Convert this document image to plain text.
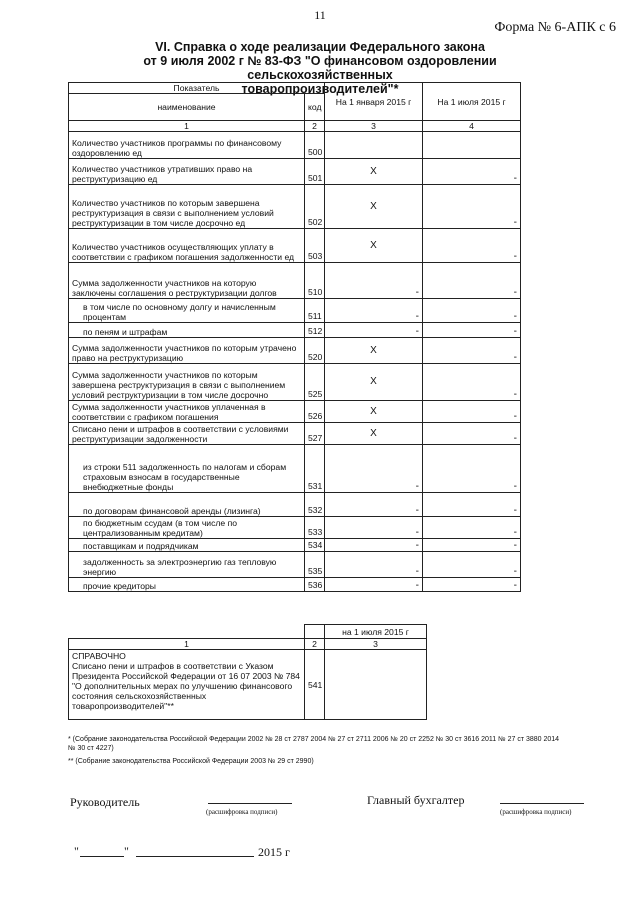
11
Форма № 6-АПК с 6
VI. Справка о ходе реализации Федерального закона
от 9 июля 2002 г № 83-ФЗ "О финансовом оздоровлении сельскохозяйственных
товаропроизводителей"*
Показатель		На 1 января 2015 г	На 1 июля 2015 г
наименование	код		
1	2	3	4
Количество участников программы по финансовому оздоровлению ед	500		
Количество участников утративших право на реструктуризацию ед	501	X	-
Количество участников по которым завершена реструктуризация в связи с выполнением условий реструктуризации в том числе досрочно ед	502	X	-
Количество участников осуществляющих уплату в соответствии с графиком погашения задолженности ед	503	X	-
Сумма задолженности участников на которую заключены соглашения о реструктуризации долгов	510	-	-
в том числе по основному долгу и начисленным процентам	511	-	-
по пеням и штрафам	512	-	-
Сумма задолженности участников по которым утрачено право на реструктуризацию	520	X	-
Сумма задолженности участников по которым завершена реструктуризация в связи с выполнением условий реструктуризации в том числе досрочно	525	X	-
Сумма задолженности участников уплаченная в соответствии с графиком погашения	526	X	-
Списано пени и штрафов в соответствии с условиями реструктуризации задолженности	527	X	-
из строки 511 задолженность по налогам и сборам страховым взносам в государственные внебюджетные фонды	531	-	-
по договорам финансовой аренды (лизинга)	532	-	-
по бюджетным ссудам (в том числе по централизованным кредитам)	533	-	-
поставщикам и подрядчикам	534	-	-
задолженность за электроэнергию газ тепловую энергию	535	-	-
прочие кредиторы	536	-	-
		на 1 июля 2015 г
1	2	3

СПРАВОЧНО
Списано пени и штрафов в соответствии с Указом Президента Российской Федерации от 16 07 2003 № 784 "О дополнительных мерах по улучшению финансового состояния сельскохозяйственных товаропроизводителей"**	541	
* (Собрание законодательства Российской Федерации 2002 № 28 ст 2787 2004 № 27 ст 2711 2006 № 20 ст 2252 № 30 ст 3616 2011 № 27 ст 3880 2014 № 30 ст 4227)
** (Собрание законодательства Российской Федерации 2003 № 29 ст 2990)
Руководитель
(расшифровка подписи)
Главный бухгалтер
(расшифровка подписи)
"	"	2015 г
